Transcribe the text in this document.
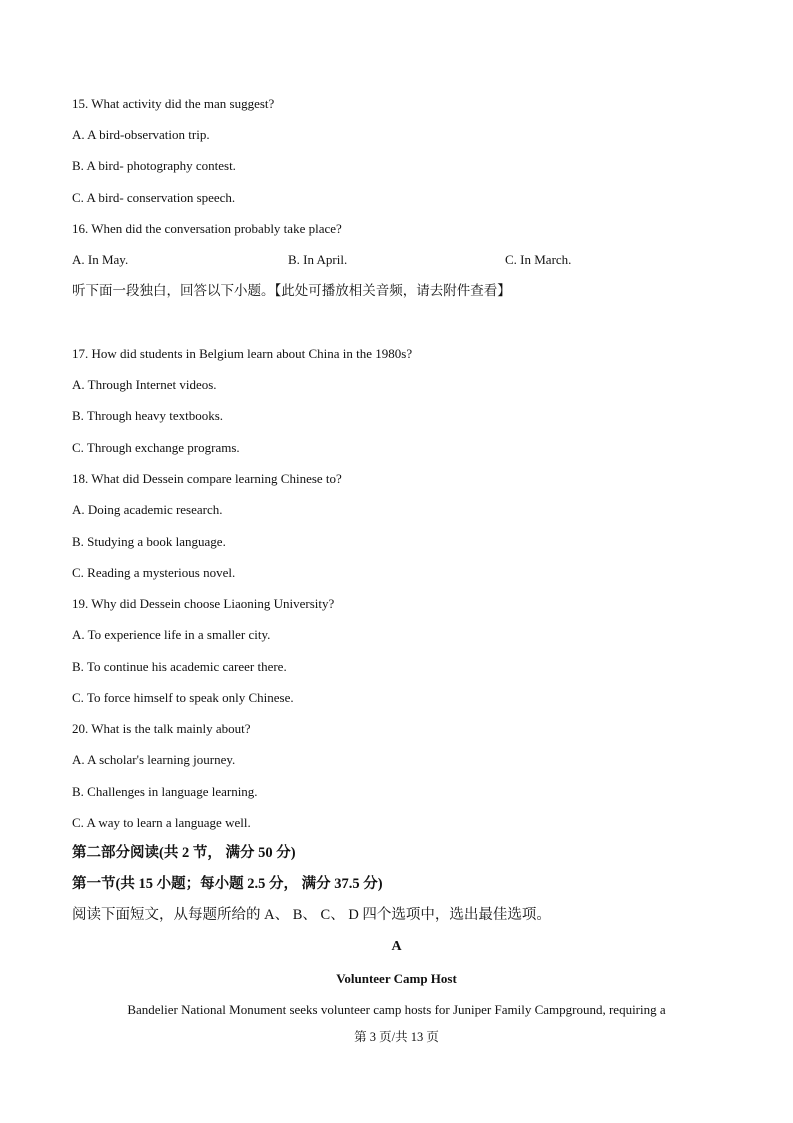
15. What activity did the man suggest?
A. A bird-observation trip.
B. A bird- photography contest.
C. A bird- conservation speech.
16. When did the conversation probably take place?
A. In May.	B. In April.	C. In March.
听下面一段独白，回答以下小题。【此处可播放相关音频，请去附件查看】
17. How did students in Belgium learn about China in the 1980s?
A. Through Internet videos.
B. Through heavy textbooks.
C. Through exchange programs.
18. What did Dessein compare learning Chinese to?
A. Doing academic research.
B. Studying a book language.
C. Reading a mysterious novel.
19. Why did Dessein choose Liaoning University?
A. To experience life in a smaller city.
B. To continue his academic career there.
C. To force himself to speak only Chinese.
20. What is the talk mainly about?
A. A scholar's learning journey.
B. Challenges in language learning.
C. A way to learn a language well.
第二部分阅读(共 2 节， 满分 50 分)
第一节(共 15 小题；每小题 2.5 分， 满分 37.5 分)
阅读下面短文，从每题所给的 A、 B、 C、 D 四个选项中，选出最佳选项。
A
Volunteer Camp Host
Bandelier National Monument seeks volunteer camp hosts for Juniper Family Campground, requiring a
第 3 页/共 13 页
